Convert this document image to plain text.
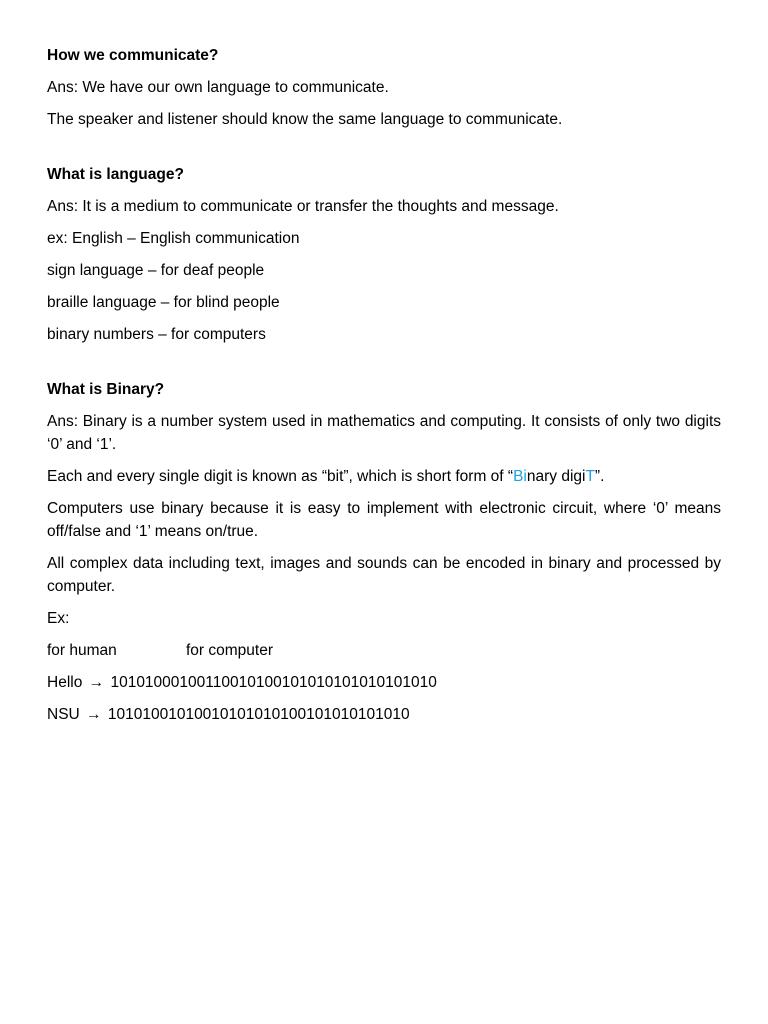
How we communicate?
Ans: We have our own language to communicate.
The speaker and listener should know the same language to communicate.
What is language?
Ans: It is a medium to communicate or transfer the thoughts and message.
ex: English – English communication
sign language – for deaf people
braille language – for blind people
binary numbers – for computers
What is Binary?
Ans: Binary is a number system used in mathematics and computing. It consists of only two digits ‘0’ and ‘1’.
Each and every single digit is known as “bit”, which is short form of “Binary digiT”.
Computers use binary because it is easy to implement with electronic circuit, where ‘0’ means off/false and ‘1’ means on/true.
All complex data including text, images and sounds can be encoded in binary and processed by computer.
Ex:
for human	for computer
Hello → 10101000100110010100101010101010101010
NSU → 10101001010010101010100101010101010
